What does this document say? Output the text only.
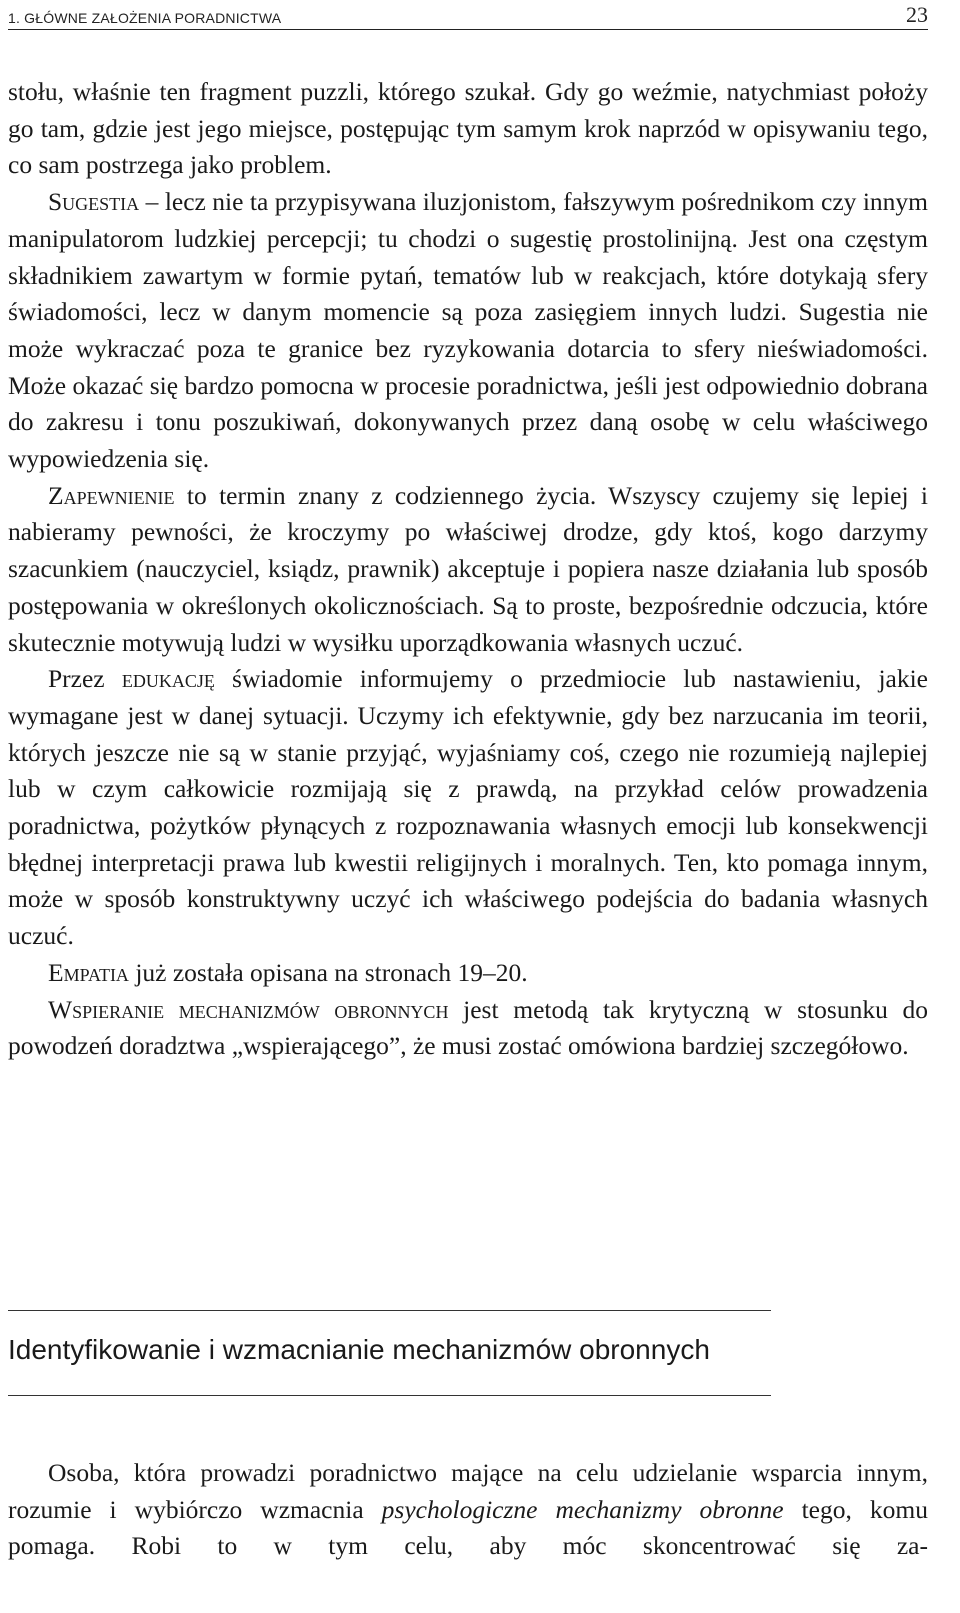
1. GŁÓWNE ZAŁOŻENIA PORADNICTWA	23

stołu, właśnie ten fragment puzzli, którego szukał. Gdy go weźmie, natychmiast położy go tam, gdzie jest jego miejsce, postępując tym samym krok naprzód w opisywaniu tego, co sam postrzega jako problem.

Sugestia – lecz nie ta przypisywana iluzjonistom, fałszywym pośrednikom czy innym manipulatorom ludzkiej percepcji; tu chodzi o sugestię prostolinijną. Jest ona częstym składnikiem zawartym w formie pytań, tematów lub w reakcjach, które dotykają sfery świadomości, lecz w danym momencie są poza zasięgiem innych ludzi. Sugestia nie może wykraczać poza te granice bez ryzykowania dotarcia to sfery nieświadomości. Może okazać się bardzo pomocna w procesie poradnictwa, jeśli jest odpowiednio dobrana do zakresu i tonu poszukiwań, dokonywanych przez daną osobę w celu właściwego wypowiedzenia się.

Zapewnienie to termin znany z codziennego życia. Wszyscy czujemy się lepiej i nabieramy pewności, że kroczymy po właściwej drodze, gdy ktoś, kogo darzymy szacunkiem (nauczyciel, ksiądz, prawnik) akceptuje i popiera nasze działania lub sposób postępowania w określonych okolicznościach. Są to proste, bezpośrednie odczucia, które skutecznie motywują ludzi w wysiłku uporządkowania własnych uczuć.

Przez edukację świadomie informujemy o przedmiocie lub nastawieniu, jakie wymagane jest w danej sytuacji. Uczymy ich efektywnie, gdy bez narzucania im teorii, których jeszcze nie są w stanie przyjąć, wyjaśniamy coś, czego nie rozumieją najlepiej lub w czym całkowicie rozmijają się z prawdą, na przykład celów prowadzenia poradnictwa, pożytków płynących z rozpoznawania własnych emocji lub konsekwencji błędnej interpretacji prawa lub kwestii religijnych i moralnych. Ten, kto pomaga innym, może w sposób konstruktywny uczyć ich właściwego podejścia do badania własnych uczuć.

Empatia już została opisana na stronach 19–20.

Wspieranie mechanizmów obronnych jest metodą tak krytyczną w stosunku do powodzeń doradztwa „wspierającego”, że musi zostać omówiona bardziej szczegółowo.

Identyfikowanie i wzmacnianie mechanizmów obronnych

Osoba, która prowadzi poradnictwo mające na celu udzielanie wsparcia innym, rozumie i wybiórczo wzmacnia psychologiczne mechanizmy obronne tego, komu pomaga. Robi to w tym celu, aby móc skoncentrować się za-
